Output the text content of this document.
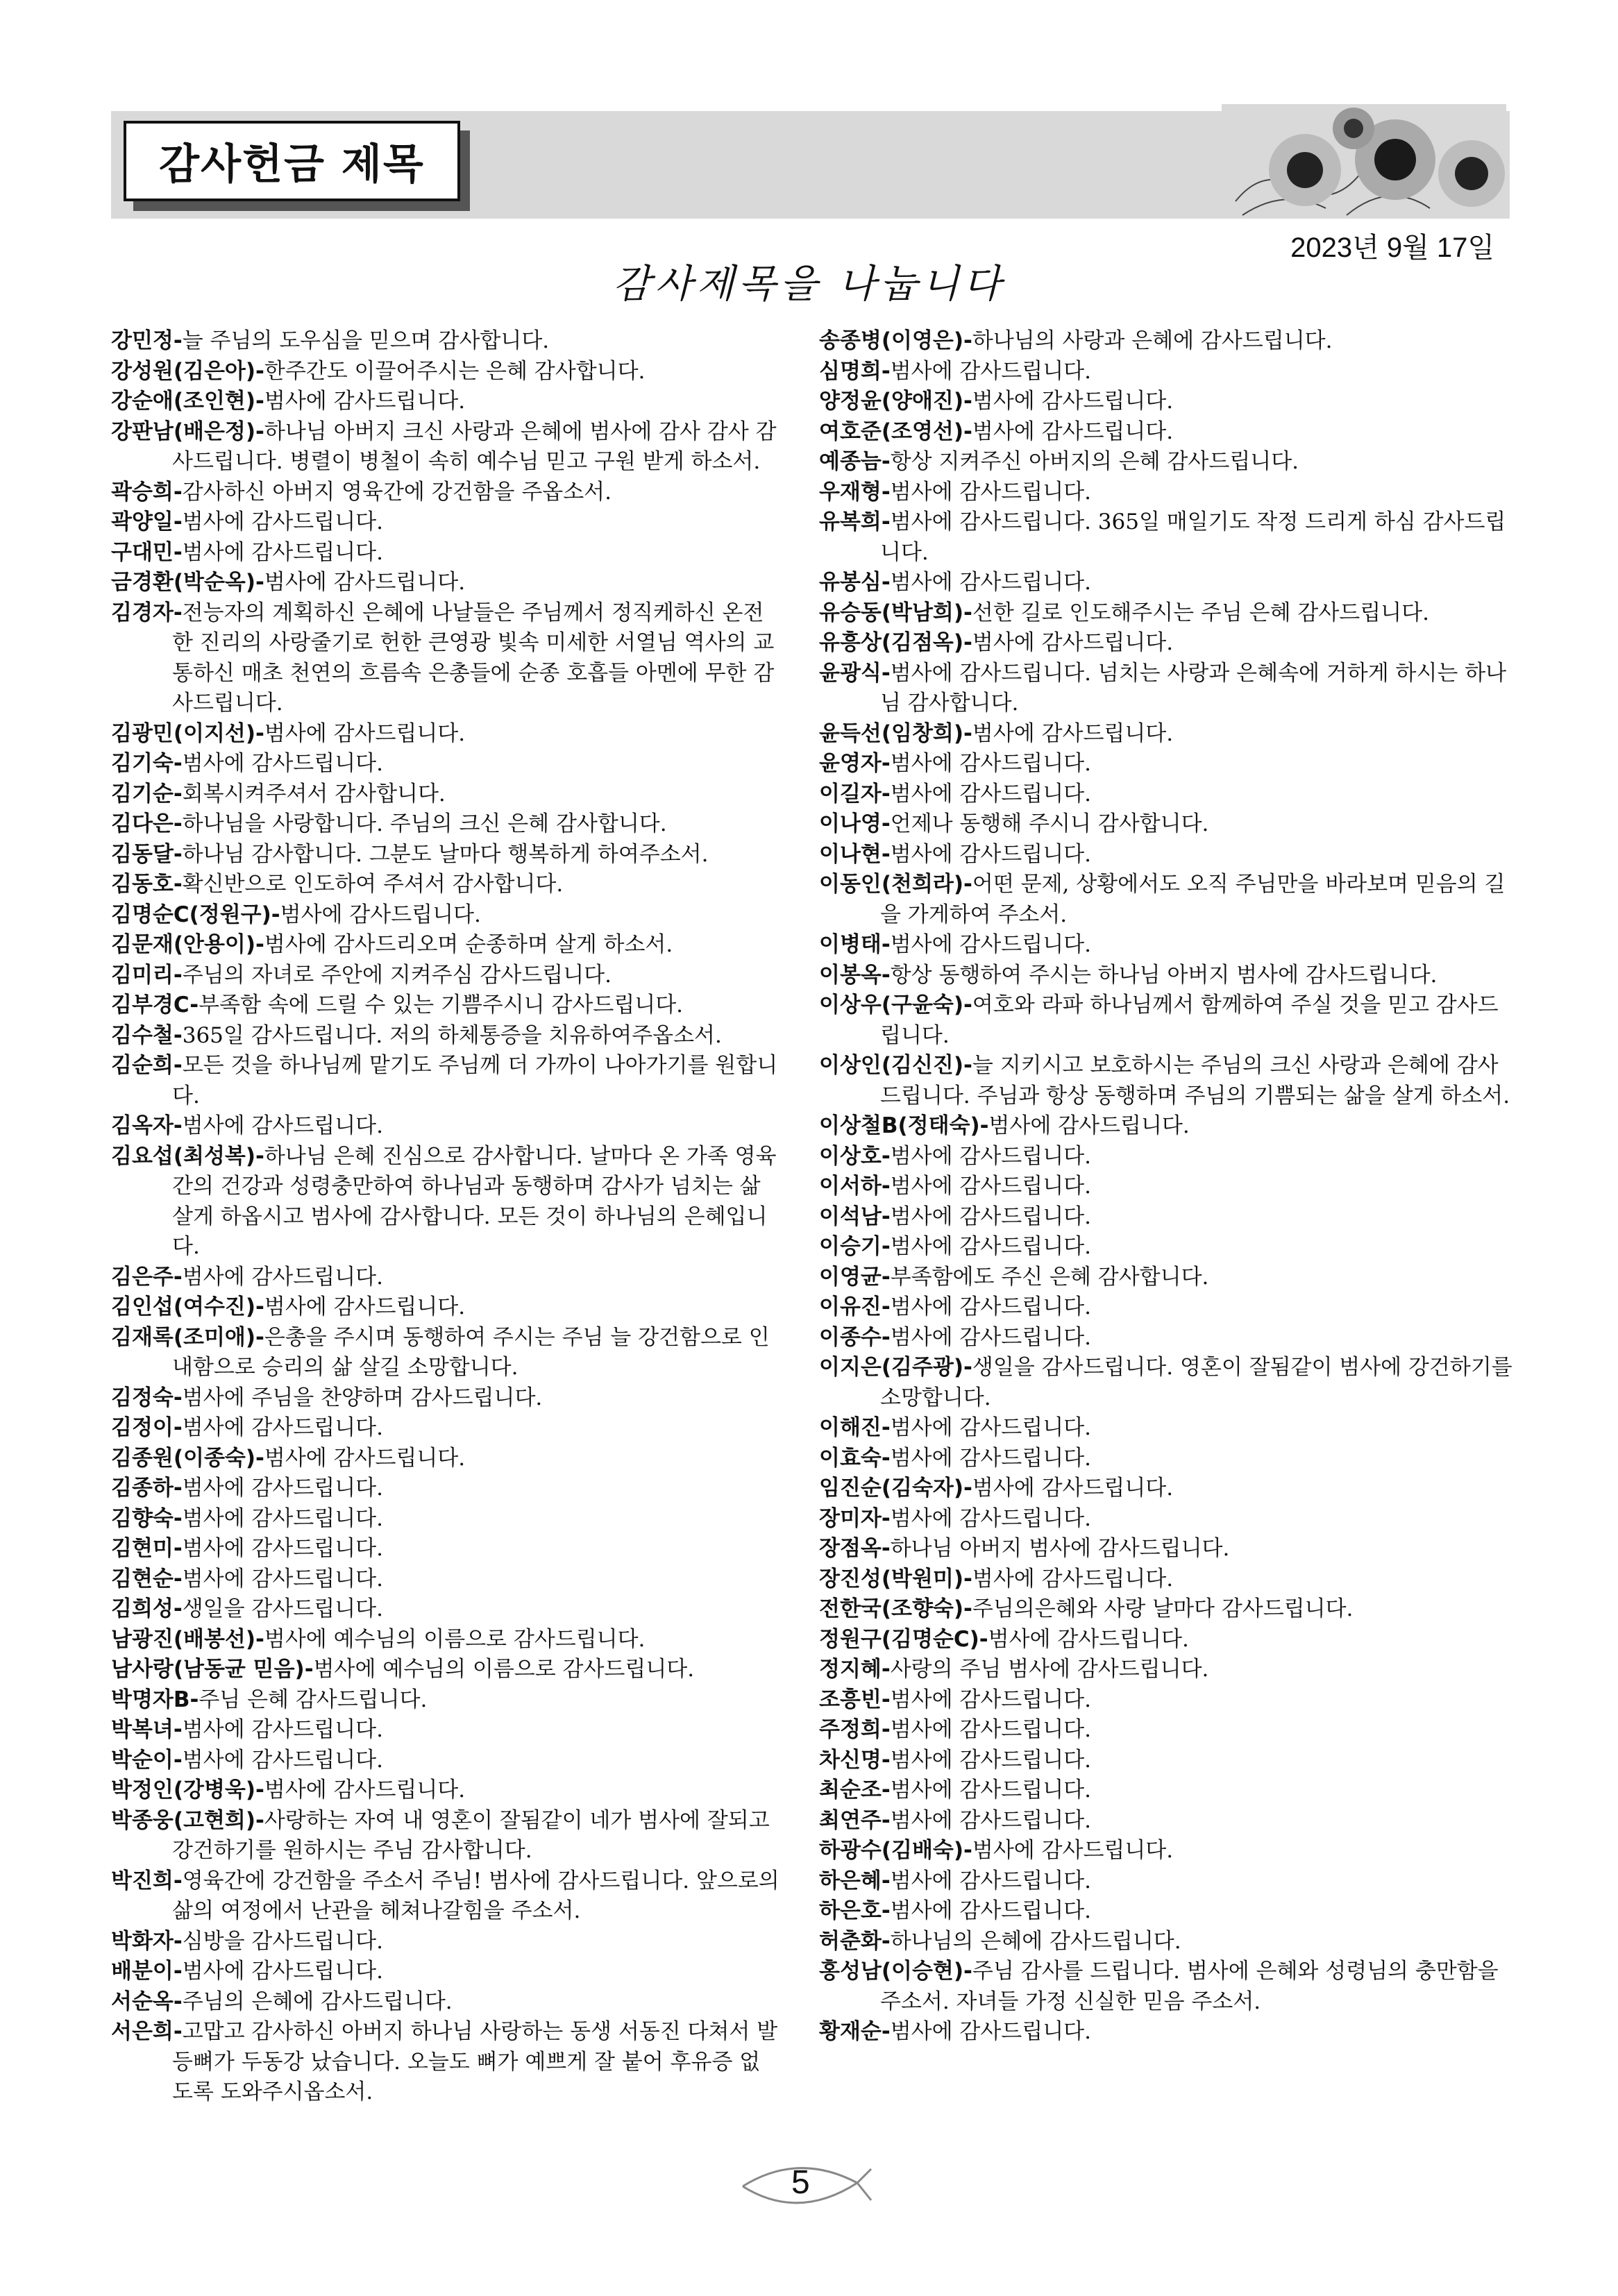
감사헌금 제목
2023년 9월 17일
감사제목을 나눕니다
강민정-늘 주님의 도우심을 믿으며 감사합니다.
강성원(김은아)-한주간도 이끌어주시는 은혜 감사합니다.
강순애(조인현)-범사에 감사드립니다.
강판남(배은정)-하나님 아버지 크신 사랑과 은혜에 범사에 감사 감사 감사드립니다. 병렬이 병철이 속히 예수님 믿고 구원 받게 하소서.
곽승희-감사하신 아버지 영육간에 강건함을 주옵소서.
곽양일-범사에 감사드립니다.
구대민-범사에 감사드립니다.
금경환(박순옥)-범사에 감사드립니다.
김경자-전능자의 계획하신 은혜에 나날들은 주님께서 정직케하신 온전한 진리의 사랑줄기로 헌한 큰영광 빛속 미세한 서열님 역사의 교통하신 매초 천연의 흐름속 은총들에 순종 호흡들 아멘에 무한 감사드립니다.
김광민(이지선)-범사에 감사드립니다.
김기숙-범사에 감사드립니다.
김기순-회복시켜주셔서 감사합니다.
김다은-하나님을 사랑합니다. 주님의 크신 은혜 감사합니다.
김동달-하나님 감사합니다. 그분도 날마다 행복하게 하여주소서.
김동호-확신반으로 인도하여 주셔서 감사합니다.
김명순C(정원구)-범사에 감사드립니다.
김문재(안용이)-범사에 감사드리오며 순종하며 살게 하소서.
김미리-주님의 자녀로 주안에 지켜주심 감사드립니다.
김부경C-부족함 속에 드릴 수 있는 기쁨주시니 감사드립니다.
김수철-365일 감사드립니다. 저의 하체통증을 치유하여주옵소서.
김순희-모든 것을 하나님께 맡기도 주님께 더 가까이 나아가기를 원합니다.
김옥자-범사에 감사드립니다.
김요섭(최성복)-하나님 은혜 진심으로 감사합니다. 날마다 온 가족 영육간의 건강과 성령충만하여 하나님과 동행하며 감사가 넘치는 삶 살게 하옵시고 범사에 감사합니다. 모든 것이 하나님의 은혜입니다.
김은주-범사에 감사드립니다.
김인섭(여수진)-범사에 감사드립니다.
김재록(조미애)-은총을 주시며 동행하여 주시는 주님 늘 강건함으로 인내함으로 승리의 삶 살길 소망합니다.
김정숙-범사에 주님을 찬양하며 감사드립니다.
김정이-범사에 감사드립니다.
김종원(이종숙)-범사에 감사드립니다.
김종하-범사에 감사드립니다.
김향숙-범사에 감사드립니다.
김현미-범사에 감사드립니다.
김현순-범사에 감사드립니다.
김희성-생일을 감사드립니다.
남광진(배봉선)-범사에 예수님의 이름으로 감사드립니다.
남사랑(남동균 믿음)-범사에 예수님의 이름으로 감사드립니다.
박명자B-주님 은혜 감사드립니다.
박복녀-범사에 감사드립니다.
박순이-범사에 감사드립니다.
박정인(강병욱)-범사에 감사드립니다.
박종웅(고현희)-사랑하는 자여 내 영혼이 잘됨같이 네가 범사에 잘되고 강건하기를 원하시는 주님 감사합니다.
박진희-영육간에 강건함을 주소서 주님! 범사에 감사드립니다. 앞으로의 삶의 여정에서 난관을 헤쳐나갈힘을 주소서.
박화자-심방을 감사드립니다.
배분이-범사에 감사드립니다.
서순옥-주님의 은혜에 감사드립니다.
서은희-고맙고 감사하신 아버지 하나님 사랑하는 동생 서동진 다쳐서 발등뼈가 두동강 났습니다. 오늘도 뼈가 예쁘게 잘 붙어 후유증 없도록 도와주시옵소서.
송종병(이영은)-하나님의 사랑과 은혜에 감사드립니다.
심명희-범사에 감사드립니다.
양정윤(양애진)-범사에 감사드립니다.
여호준(조영선)-범사에 감사드립니다.
예종늠-항상 지켜주신 아버지의 은혜 감사드립니다.
우재형-범사에 감사드립니다.
유복희-범사에 감사드립니다. 365일 매일기도 작정 드리게 하심 감사드립니다.
유봉심-범사에 감사드립니다.
유승동(박남희)-선한 길로 인도해주시는 주님 은혜 감사드립니다.
유흥상(김점옥)-범사에 감사드립니다.
윤광식-범사에 감사드립니다. 넘치는 사랑과 은혜속에 거하게 하시는 하나님 감사합니다.
윤득선(임창희)-범사에 감사드립니다.
윤영자-범사에 감사드립니다.
이길자-범사에 감사드립니다.
이나영-언제나 동행해 주시니 감사합니다.
이나현-범사에 감사드립니다.
이동인(천희라)-어떤 문제, 상황에서도 오직 주님만을 바라보며 믿음의 길을 가게하여 주소서.
이병태-범사에 감사드립니다.
이봉옥-항상 동행하여 주시는 하나님 아버지 범사에 감사드립니다.
이상우(구윤숙)-여호와 라파 하나님께서 함께하여 주실 것을 믿고 감사드립니다.
이상인(김신진)-늘 지키시고 보호하시는 주님의 크신 사랑과 은혜에 감사드립니다. 주님과 항상 동행하며 주님의 기쁨되는 삶을 살게 하소서.
이상철B(정태숙)-범사에 감사드립니다.
이상호-범사에 감사드립니다.
이서하-범사에 감사드립니다.
이석남-범사에 감사드립니다.
이승기-범사에 감사드립니다.
이영균-부족함에도 주신 은혜 감사합니다.
이유진-범사에 감사드립니다.
이종수-범사에 감사드립니다.
이지은(김주광)-생일을 감사드립니다. 영혼이 잘됨같이 범사에 강건하기를 소망합니다.
이해진-범사에 감사드립니다.
이효숙-범사에 감사드립니다.
임진순(김숙자)-범사에 감사드립니다.
장미자-범사에 감사드립니다.
장점옥-하나님 아버지 범사에 감사드립니다.
장진성(박원미)-범사에 감사드립니다.
전한국(조향숙)-주님의은혜와 사랑 날마다 감사드립니다.
정원구(김명순C)-범사에 감사드립니다.
정지혜-사랑의 주님 범사에 감사드립니다.
조흥빈-범사에 감사드립니다.
주정희-범사에 감사드립니다.
차신명-범사에 감사드립니다.
최순조-범사에 감사드립니다.
최연주-범사에 감사드립니다.
하광수(김배숙)-범사에 감사드립니다.
하은혜-범사에 감사드립니다.
하은호-범사에 감사드립니다.
허춘화-하나님의 은혜에 감사드립니다.
홍성남(이승현)-주님 감사를 드립니다. 범사에 은혜와 성령님의 충만함을 주소서. 자녀들 가정 신실한 믿음 주소서.
황재순-범사에 감사드립니다.
5
